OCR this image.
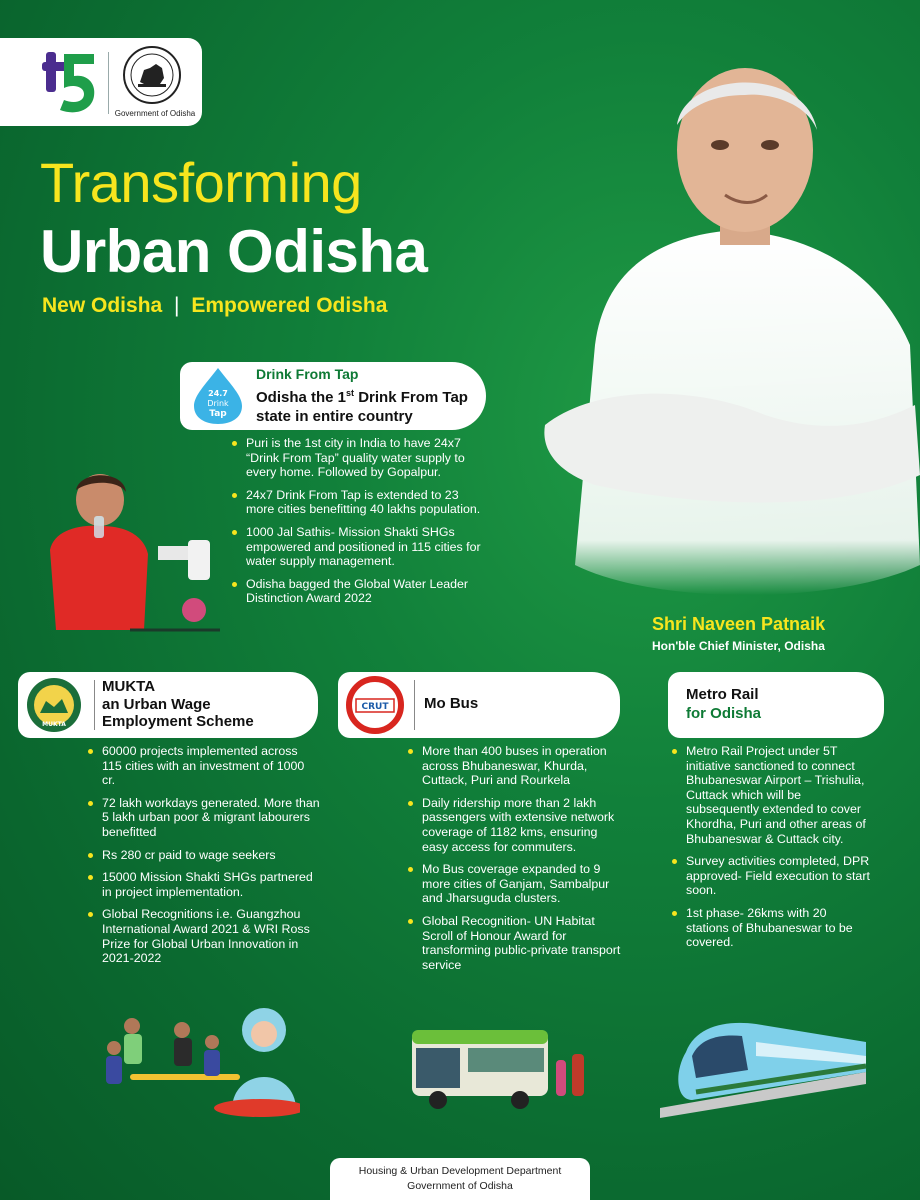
Government of Odisha
Transforming
Urban Odisha
New Odisha | Empowered Odisha
Shri Naveen Patnaik
Hon'ble Chief Minister, Odisha
24.7
Drink
Tap
Drink From Tap
Odisha the 1st Drink From Tap state in entire country
Puri is the 1st city in India to have 24x7 “Drink From Tap” quality water supply to every home. Followed by Gopalpur.
24x7 Drink From Tap is extended to 23 more cities benefitting 40 lakhs population.
1000 Jal Sathis- Mission Shakti SHGs empowered and positioned in 115 cities for water supply management.
Odisha bagged the Global Water Leader Distinction Award 2022
MUKTA
MUKTA
an Urban Wage Employment Scheme
60000 projects implemented across 115 cities with an investment of 1000 cr.
72 lakh workdays generated. More than 5 lakh urban poor & migrant labourers benefitted
Rs 280 cr paid to wage seekers
15000 Mission Shakti SHGs partnered in project implementation.
Global Recognitions i.e. Guangzhou International Award 2021 & WRI Ross Prize for Global Urban Innovation in 2021-2022
CRUT Mo Bus
More than 400 buses in operation across Bhubaneswar, Khurda, Cuttack, Puri and Rourkela
Daily ridership more than 2 lakh passengers with extensive network coverage of 1182 kms, ensuring easy access for commuters.
Mo Bus coverage expanded to 9 more cities of Ganjam, Sambalpur and Jharsuguda clusters.
Global Recognition- UN Habitat Scroll of Honour Award for transforming public-private transport service
Metro Rail
for Odisha
Metro Rail Project under 5T initiative sanctioned to connect Bhubaneswar Airport – Trishulia, Cuttack which will be subsequently extended to cover Khordha, Puri and other areas of Bhubaneswar & Cuttack city.
Survey activities completed, DPR approved- Field execution to start soon.
1st phase- 26kms with 20 stations of Bhubaneswar to be covered.
Housing & Urban Development Department
Government of Odisha
